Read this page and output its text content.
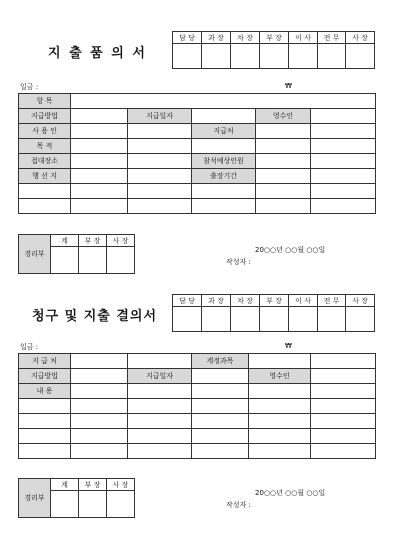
지 출 품 의 서
담 당	과 장	차 장	부 장	이 사	전 무	사 장

일금 :	₩
항 목					
지급방법		지급일자		영수인	
사 용 인			지급처		
목 적					
접대장소			참석예상인원		
행 선 지			출장기간		

경리부	계	부 장	사 장

20○○년 ○○월 ○○일
작성자 :
청구 및 지출 결의서
담 당	과 장	차 장	부 장	이 사	전 무	사 장

일금 :	₩
지 급 처			계정과목		
지급방법		지급일자		영수인	
내 용					

경리부	계	부 장	사 장

20○○년 ○○월 ○○일
작성자 :
